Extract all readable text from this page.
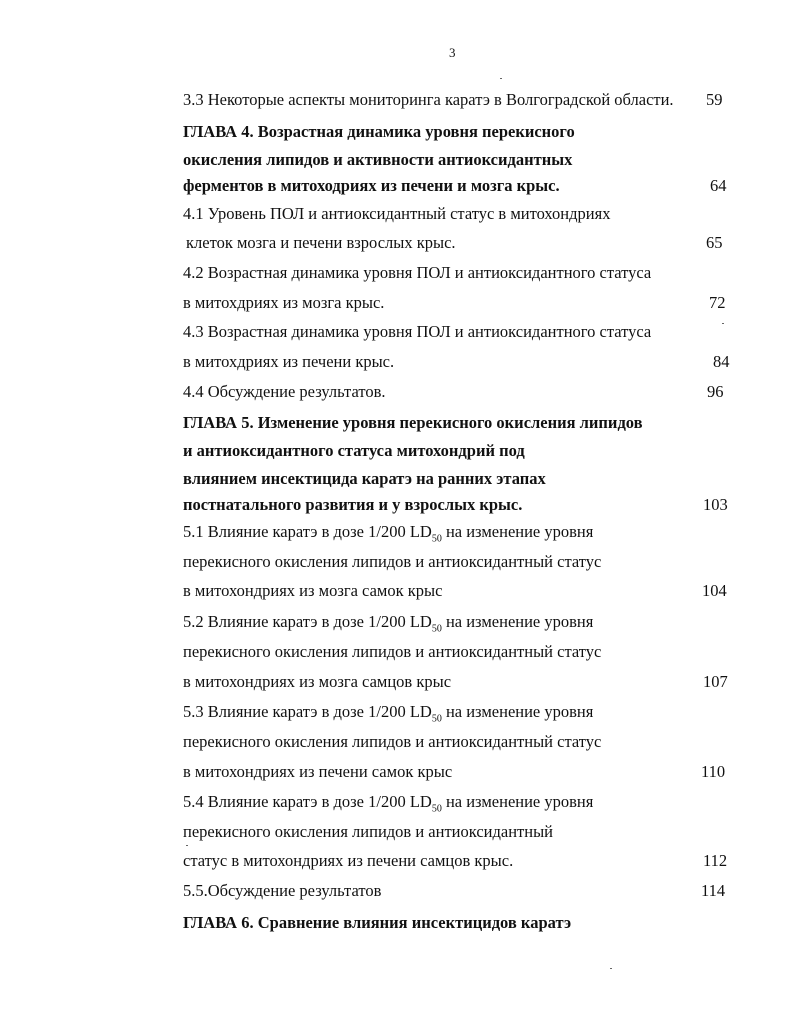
3
3.3 Некоторые аспекты мониторинга каратэ в Волгоградской области. 59
ГЛАВА 4. Возрастная динамика уровня перекисного
окисления липидов и активности антиоксидантных
ферментов в митоходриях из печени и мозга крыс.	64
4.1 Уровень ПОЛ и антиоксидантный статус в митохондриях
клеток мозга и печени взрослых крыс.	65
4.2 Возрастная динамика уровня ПОЛ и антиоксидантного статуса
в митохдриях из мозга крыс.	72
4.3 Возрастная динамика уровня ПОЛ и антиоксидантного статуса
в митохдриях из печени крыс.	84
4.4 Обсуждение результатов.	96
ГЛАВА 5. Изменение уровня перекисного окисления липидов
и антиоксидантного статуса митохондрий под
влиянием инсектицида каратэ на ранних этапах
постнатального развития и у взрослых крыс.	103
5.1 Влияние каратэ в дозе 1/200 $LD_{50}$ на изменение уровня
перекисного окисления липидов и антиоксидантный статус
в митохондриях из мозга самок крыс	104
5.2 Влияние каратэ в дозе 1/200 $LD_{50}$ на изменение уровня
перекисного окисления липидов и антиоксидантный статус
в митохондриях из мозга самцов крыс	107
5.3 Влияние каратэ в дозе 1/200 $LD_{50}$ на изменение уровня
перекисного окисления липидов и антиоксидантный статус
в митохондриях из печени самок крыс	110
5.4 Влияние каратэ в дозе 1/200 $LD_{50}$ на изменение уровня
перекисного окисления липидов и антиоксидантный
статус в митохондриях из печени самцов крыс.	112
5.5.Обсуждение результатов	114
ГЛАВА 6. Сравнение влияния инсектицидов каратэ
